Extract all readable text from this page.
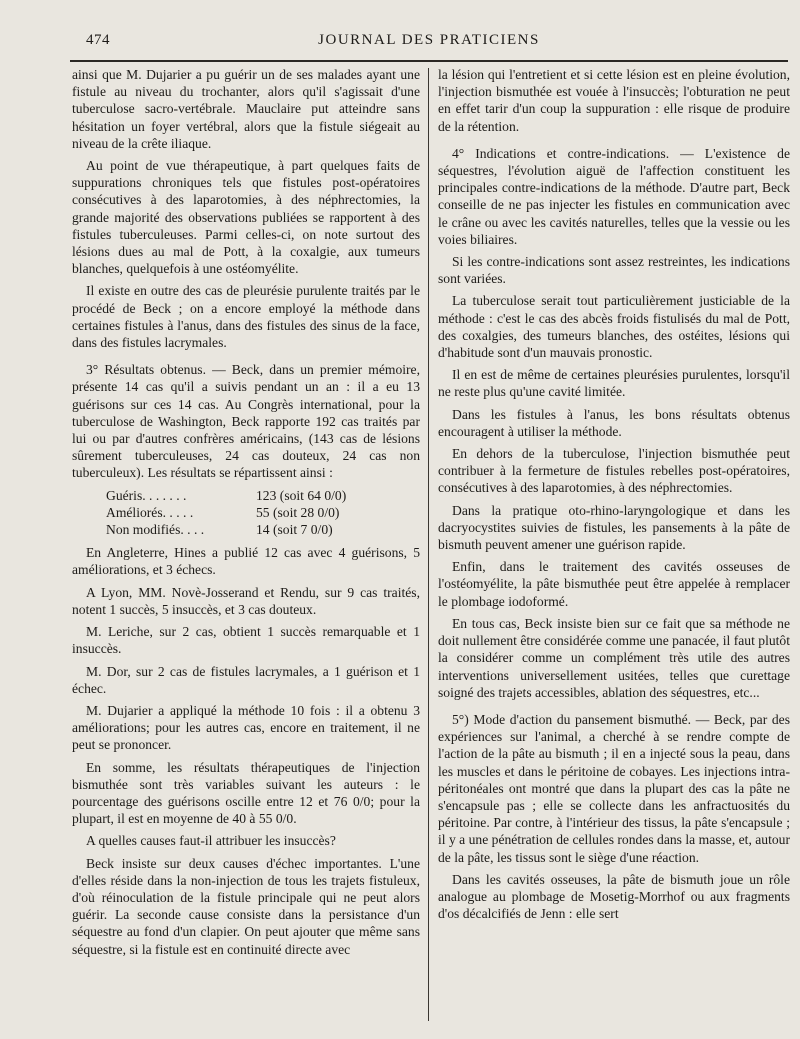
474	JOURNAL DES PRATICIENS

ainsi que M. Dujarier a pu guérir un de ses malades ayant une fistule au niveau du trochanter, alors qu'il s'agissait d'une tuberculose sacro-vertébrale. Mauclaire put atteindre sans hésitation un foyer vertébral, alors que la fistule siégeait au niveau de la crête iliaque.

Au point de vue thérapeutique, à part quelques faits de suppurations chroniques tels que fistules post-opératoires consécutives à des laparotomies, à des néphrectomies, la grande majorité des observations publiées se rapportent à des fistules tuberculeuses. Parmi celles-ci, on note surtout des lésions dues au mal de Pott, à la coxalgie, aux tumeurs blanches, quelquefois à une ostéomyélite.

Il existe en outre des cas de pleurésie purulente traités par le procédé de Beck ; on a encore employé la méthode dans certaines fistules à l'anus, dans des fistules des sinus de la face, dans des fistules lacrymales.

3° Résultats obtenus. — Beck, dans un premier mémoire, présente 14 cas qu'il a suivis pendant un an : il a eu 13 guérisons sur ces 14 cas. Au Congrès international, pour la tuberculose de Washington, Beck rapporte 192 cas traités par lui ou par d'autres confrères américains, (143 cas de lésions sûrement tuberculeuses, 24 cas douteux, 24 cas non tuberculeux). Les résultats se répartissent ainsi :

Guéris. . . . . . .	123 (soit 64 0/0)
Améliorés. . . . .	55 (soit 28 0/0)
Non modifiés. . . .	14 (soit 7 0/0)

En Angleterre, Hines a publié 12 cas avec 4 guérisons, 5 améliorations, et 3 échecs.

A Lyon, MM. Novè-Josserand et Rendu, sur 9 cas traités, notent 1 succès, 5 insuccès, et 3 cas douteux.

M. Leriche, sur 2 cas, obtient 1 succès remarquable et 1 insuccès.

M. Dor, sur 2 cas de fistules lacrymales, a 1 guérison et 1 échec.

M. Dujarier a appliqué la méthode 10 fois : il a obtenu 3 améliorations; pour les autres cas, encore en traitement, il ne peut se prononcer.

En somme, les résultats thérapeutiques de l'injection bismuthée sont très variables suivant les auteurs : le pourcentage des guérisons oscille entre 12 et 76 0/0; pour la plupart, il est en moyenne de 40 à 55 0/0.

A quelles causes faut-il attribuer les insuccès?

Beck insiste sur deux causes d'échec importantes. L'une d'elles réside dans la non-injection de tous les trajets fistuleux, d'où réinoculation de la fistule principale qui ne peut alors guérir. La seconde cause consiste dans la persistance d'un séquestre au fond d'un clapier. On peut ajouter que même sans séquestre, si la fistule est en continuité directe avec

la lésion qui l'entretient et si cette lésion est en pleine évolution, l'injection bismuthée est vouée à l'insuccès; l'obturation ne peut en effet tarir d'un coup la suppuration : elle risque de produire de la rétention.

4° Indications et contre-indications. — L'existence de séquestres, l'évolution aiguë de l'affection constituent les principales contre-indications de la méthode. D'autre part, Beck conseille de ne pas injecter les fistules en communication avec le crâne ou avec les cavités naturelles, telles que la vessie ou les voies biliaires.

Si les contre-indications sont assez restreintes, les indications sont variées.

La tuberculose serait tout particulièrement justiciable de la méthode : c'est le cas des abcès froids fistulisés du mal de Pott, des coxalgies, des tumeurs blanches, des ostéites, lésions qui d'habitude sont d'un mauvais pronostic.

Il en est de même de certaines pleurésies purulentes, lorsqu'il ne reste plus qu'une cavité limitée.

Dans les fistules à l'anus, les bons résultats obtenus encouragent à utiliser la méthode.

En dehors de la tuberculose, l'injection bismuthée peut contribuer à la fermeture de fistules rebelles post-opératoires, consécutives à des laparotomies, à des néphrectomies.

Dans la pratique oto-rhino-laryngologique et dans les dacryocystites suivies de fistules, les pansements à la pâte de bismuth peuvent amener une guérison rapide.

Enfin, dans le traitement des cavités osseuses de l'ostéomyélite, la pâte bismuthée peut être appelée à remplacer le plombage iodoformé.

En tous cas, Beck insiste bien sur ce fait que sa méthode ne doit nullement être considérée comme une panacée, il faut plutôt la considérer comme un complément très utile des autres interventions universellement usitées, telles que curettage soigné des trajets accessibles, ablation des séquestres, etc...

5°) Mode d'action du pansement bismuthé. — Beck, par des expériences sur l'animal, a cherché à se rendre compte de l'action de la pâte au bismuth ; il en a injecté sous la peau, dans les muscles et dans le péritoine de cobayes. Les injections intra-péritonéales ont montré que dans la plupart des cas la pâte ne s'encapsule pas ; elle se collecte dans les anfractuosités du péritoine. Par contre, à l'intérieur des tissus, la pâte s'encapsule ; il y a une pénétration de cellules rondes dans la masse, et, autour de la pâte, les tissus sont le siège d'une réaction.

Dans les cavités osseuses, la pâte de bismuth joue un rôle analogue au plombage de Mosetig-Morrhof ou aux fragments d'os décalcifiés de Jenn : elle sert
